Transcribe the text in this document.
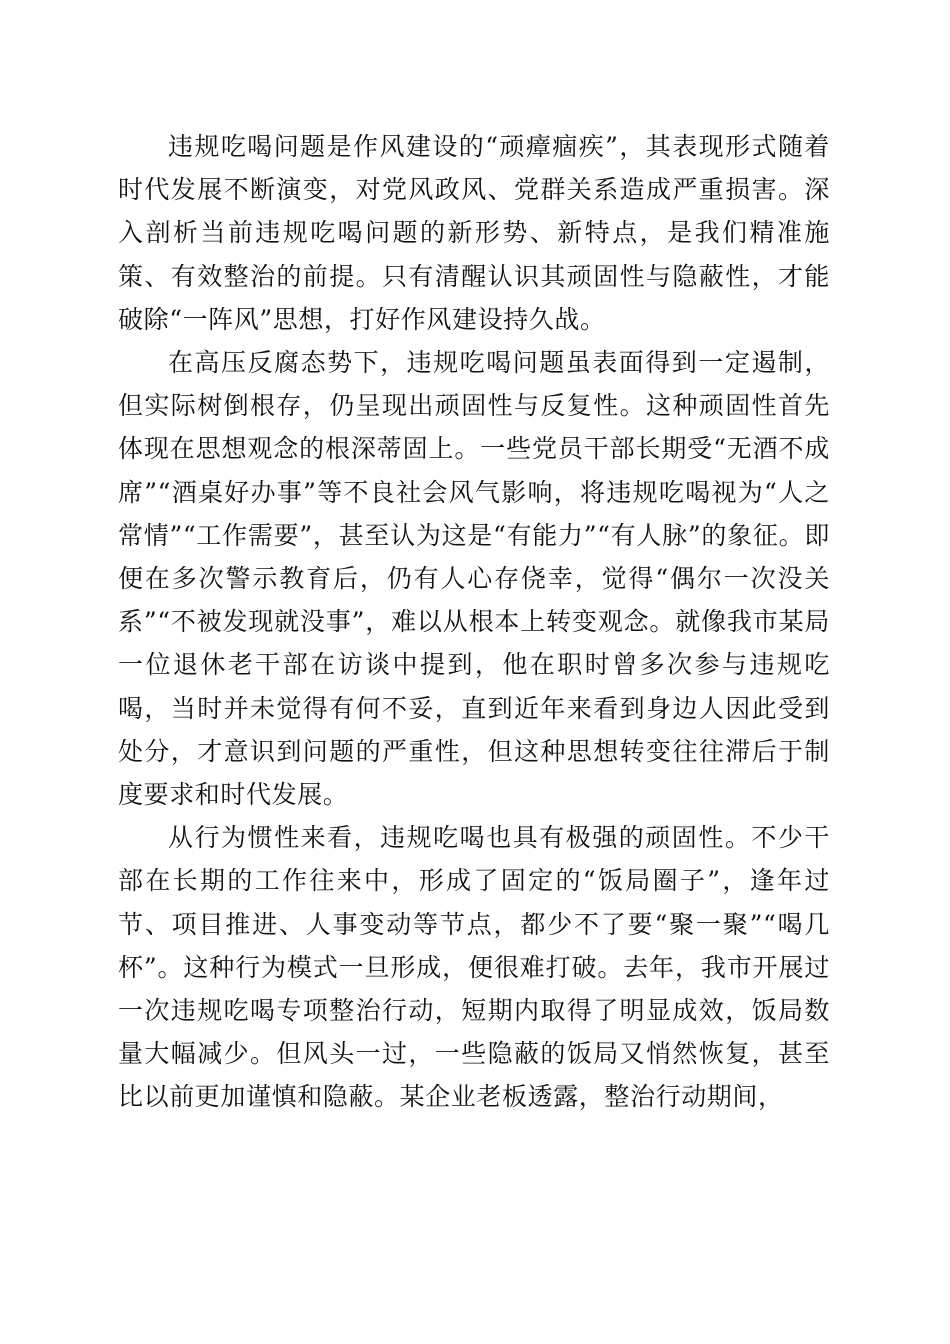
违规吃喝问题是作风建设的“顽瘴痼疾”，其表现形式随着时代发展不断演变，对党风政风、党群关系造成严重损害。深入剖析当前违规吃喝问题的新形势、新特点，是我们精准施策、有效整治的前提。只有清醒认识其顽固性与隐蔽性，才能破除“一阵风”思想，打好作风建设持久战。

在高压反腐态势下，违规吃喝问题虽表面得到一定遏制，但实际树倒根存，仍呈现出顽固性与反复性。这种顽固性首先体现在思想观念的根深蒂固上。一些党员干部长期受“无酒不成席”“酒桌好办事”等不良社会风气影响，将违规吃喝视为“人之常情”“工作需要”，甚至认为这是“有能力”“有人脉”的象征。即便在多次警示教育后，仍有人心存侥幸，觉得“偶尔一次没关系”“不被发现就没事”，难以从根本上转变观念。就像我市某局一位退休老干部在访谈中提到，他在职时曾多次参与违规吃喝，当时并未觉得有何不妥，直到近年来看到身边人因此受到处分，才意识到问题的严重性，但这种思想转变往往滞后于制度要求和时代发展。

从行为惯性来看，违规吃喝也具有极强的顽固性。不少干部在长期的工作往来中，形成了固定的“饭局圈子”，逢年过节、项目推进、人事变动等节点，都少不了要“聚一聚”“喝几杯”。这种行为模式一旦形成，便很难打破。去年，我市开展过一次违规吃喝专项整治行动，短期内取得了明显成效，饭局数量大幅减少。但风头一过，一些隐蔽的饭局又悄然恢复，甚至比以前更加谨慎和隐蔽。某企业老板透露，整治行动期间，
